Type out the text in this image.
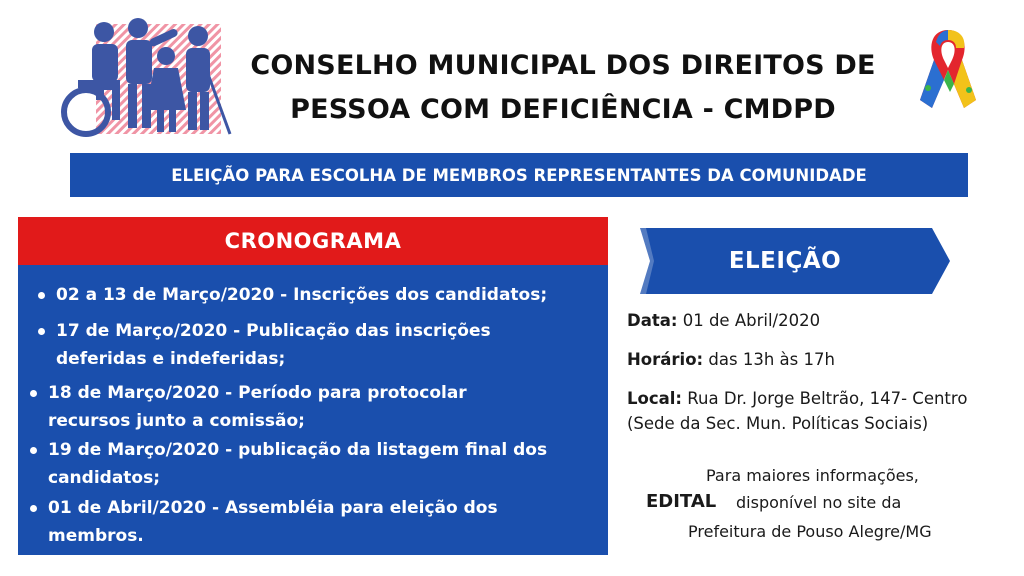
CONSELHO MUNICIPAL DOS DIREITOS DE
PESSOA COM DEFICIÊNCIA - CMDPD
ELEIÇÃO PARA ESCOLHA DE MEMBROS REPRESENTANTES DA COMUNIDADE
CRONOGRAMA
02 a 13 de Março/2020 - Inscrições dos candidatos;
17 de Março/2020 - Publicação das inscrições
deferidas e indeferidas;
18 de Março/2020 - Período para protocolar
recursos junto a comissão;
19 de Março/2020 - publicação da listagem final dos
candidatos;
01 de Abril/2020 - Assembléia para eleição dos
membros.
ELEIÇÃO
Data: 01 de Abril/2020
Horário: das 13h às 17h
Local: Rua Dr. Jorge Beltrão, 147- Centro
(Sede da Sec. Mun. Políticas Sociais)
Para maiores informações,
EDITAL disponível no site da
Prefeitura de Pouso Alegre/MG
